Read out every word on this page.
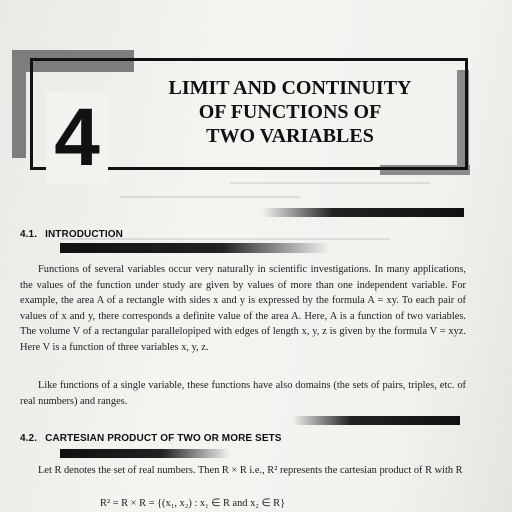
4
LIMIT AND CONTINUITY
OF FUNCTIONS OF
TWO VARIABLES
4.1. INTRODUCTION
Functions of several variables occur very naturally in scientific investigations. In many applications, the values of the function under study are given by values of more than one independent variable. For example, the area A of a rectangle with sides x and y is expressed by the formula A = xy. To each pair of values of x and y, there corresponds a definite value of the area A. Here, A is a function of two variables. The volume V of a rectangular parallelopiped with edges of length x, y, z is given by the formula V = xyz. Here V is a function of three variables x, y, z.
Like functions of a single variable, these functions have also domains (the sets of pairs, triples, etc. of real numbers) and ranges.
4.2. CARTESIAN PRODUCT OF TWO OR MORE SETS
Let R denotes the set of real numbers. Then R × R i.e., R² represents the cartesian product of R with R
R² = R × R = {(x₁, x₂) : x₁ ∈ R and x₂ ∈ R}
